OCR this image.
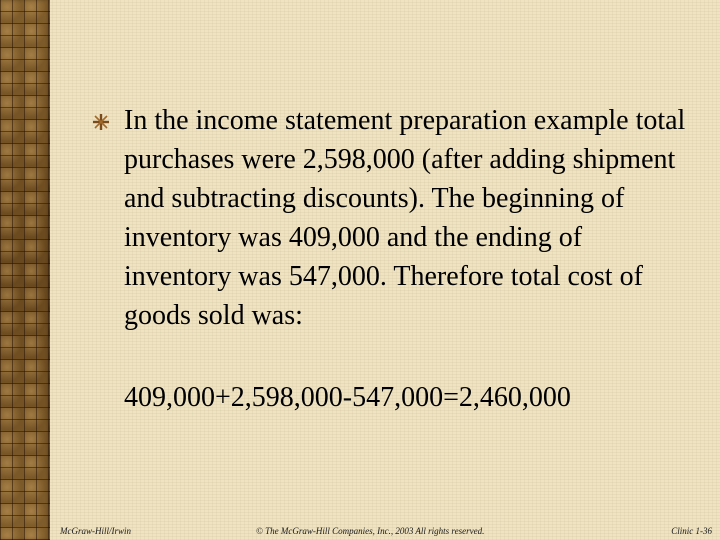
In the income statement preparation example total purchases were 2,598,000 (after adding shipment and subtracting discounts). The beginning of inventory was 409,000 and the ending of inventory was 547,000. Therefore total cost of goods sold was:

409,000+2,598,000-547,000=2,460,000

McGraw-Hill/Irwin	© The McGraw-Hill Companies, Inc., 2003 All rights reserved.	Clinic 1-36
